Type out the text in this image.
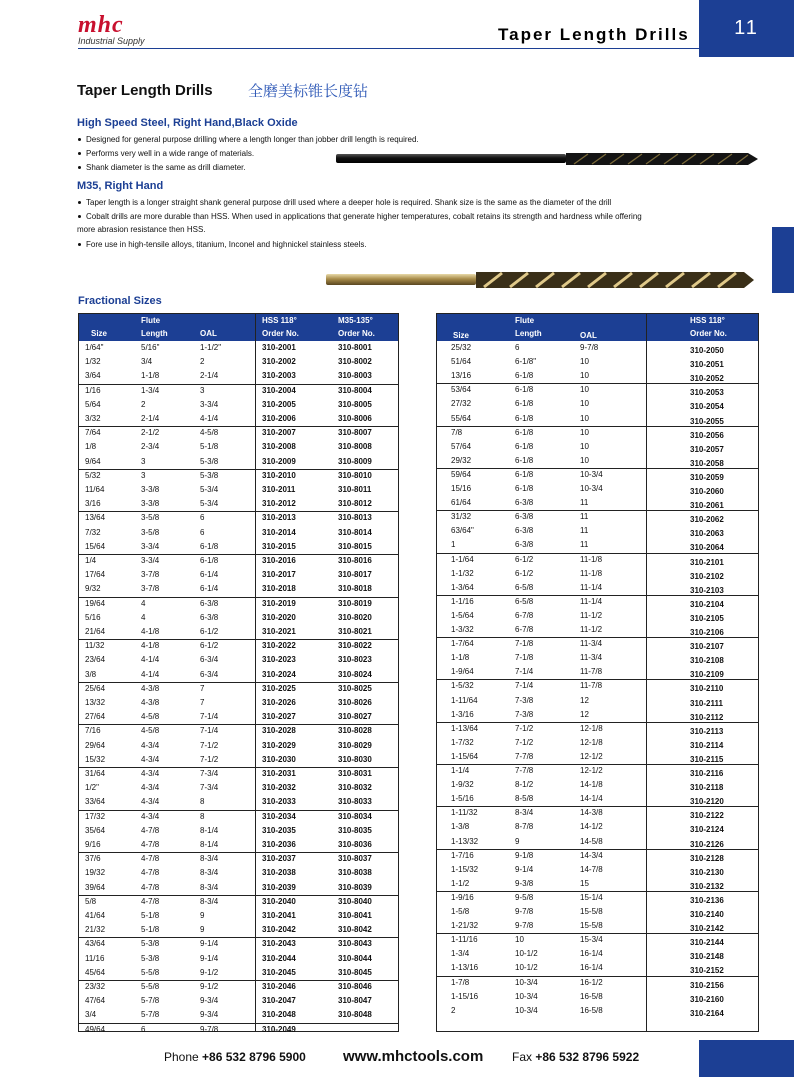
mhc
Industrial Supply	Taper Length Drills	11
Taper Length Drills 全磨美标锥长度钻
High Speed Steel, Right Hand,Black Oxide
Designed for general purpose drilling where a length longer than jobber drill length is required.
Performs very well in a wide range of materials.
Shank diameter is the same as drill diameter.
M35, Right Hand
Taper length is a longer straight shank general purpose drill used where a deeper hole is required. Shank size is the same as the diameter of the drill
Cobalt drills are more durable than HSS. When used in applications that generate higher temperatures, cobalt retains its strength and hardness while offering
more abrasion resistance then HSS.
Fore use in high-tensile alloys, titanium, Inconel and highnickel stainless steels.
Fractional Sizes
Flute	HSS 118°	M35-135°
Size	Length	OAL	Order No.	Order No.
1/64"	5/16"	1-1/2"	310-2001	310-8001
1/32	3/4	2	310-2002	310-8002
3/64	1-1/8	2-1/4	310-2003	310-8003
1/16	1-3/4	3	310-2004	310-8004
5/64	2	3-3/4	310-2005	310-8005
3/32	2-1/4	4-1/4	310-2006	310-8006
7/64	2-1/2	4-5/8	310-2007	310-8007
1/8	2-3/4	5-1/8	310-2008	310-8008
9/64	3	5-3/8	310-2009	310-8009
5/32	3	5-3/8	310-2010	310-8010
11/64	3-3/8	5-3/4	310-2011	310-8011
3/16	3-3/8	5-3/4	310-2012	310-8012
13/64	3-5/8	6	310-2013	310-8013
7/32	3-5/8	6	310-2014	310-8014
15/64	3-3/4	6-1/8	310-2015	310-8015
1/4	3-3/4	6-1/8	310-2016	310-8016
17/64	3-7/8	6-1/4	310-2017	310-8017
9/32	3-7/8	6-1/4	310-2018	310-8018
19/64	4	6-3/8	310-2019	310-8019
5/16	4	6-3/8	310-2020	310-8020
21/64	4-1/8	6-1/2	310-2021	310-8021
11/32	4-1/8	6-1/2	310-2022	310-8022
23/64	4-1/4	6-3/4	310-2023	310-8023
3/8	4-1/4	6-3/4	310-2024	310-8024
25/64	4-3/8	7	310-2025	310-8025
13/32	4-3/8	7	310-2026	310-8026
27/64	4-5/8	7-1/4	310-2027	310-8027
7/16	4-5/8	7-1/4	310-2028	310-8028
29/64	4-3/4	7-1/2	310-2029	310-8029
15/32	4-3/4	7-1/2	310-2030	310-8030
31/64	4-3/4	7-3/4	310-2031	310-8031
1/2"	4-3/4	7-3/4	310-2032	310-8032
33/64	4-3/4	8	310-2033	310-8033
17/32	4-3/4	8	310-2034	310-8034
35/64	4-7/8	8-1/4	310-2035	310-8035
9/16	4-7/8	8-1/4	310-2036	310-8036
37/6	4-7/8	8-3/4	310-2037	310-8037
19/32	4-7/8	8-3/4	310-2038	310-8038
39/64	4-7/8	8-3/4	310-2039	310-8039
5/8	4-7/8	8-3/4	310-2040	310-8040
41/64	5-1/8	9	310-2041	310-8041
21/32	5-1/8	9	310-2042	310-8042
43/64	5-3/8	9-1/4	310-2043	310-8043
11/16	5-3/8	9-1/4	310-2044	310-8044
45/64	5-5/8	9-1/2	310-2045	310-8045
23/32	5-5/8	9-1/2	310-2046	310-8046
47/64	5-7/8	9-3/4	310-2047	310-8047
3/4	5-7/8	9-3/4	310-2048	310-8048
49/64	6	9-7/8	310-2049
Flute	HSS 118°
Size	Length	OAL	Order No.
25/32	6	9-7/8	310-2050
51/64	6-1/8"	10	310-2051
13/16	6-1/8	10	310-2052
53/64	6-1/8	10	310-2053
27/32	6-1/8	10	310-2054
55/64	6-1/8	10	310-2055
7/8	6-1/8	10	310-2056
57/64	6-1/8	10	310-2057
29/32	6-1/8	10	310-2058
59/64	6-1/8	10-3/4	310-2059
15/16	6-1/8	10-3/4	310-2060
61/64	6-3/8	11	310-2061
31/32	6-3/8	11	310-2062
63/64"	6-3/8	11	310-2063
1	6-3/8	11	310-2064
1-1/64	6-1/2	11-1/8	310-2101
1-1/32	6-1/2	11-1/8	310-2102
1-3/64	6-5/8	11-1/4	310-2103
1-1/16	6-5/8	11-1/4	310-2104
1-5/64	6-7/8	11-1/2	310-2105
1-3/32	6-7/8	11-1/2	310-2106
1-7/64	7-1/8	11-3/4	310-2107
1-1/8	7-1/8	11-3/4	310-2108
1-9/64	7-1/4	11-7/8	310-2109
1-5/32	7-1/4	11-7/8	310-2110
1-11/64	7-3/8	12	310-2111
1-3/16	7-3/8	12	310-2112
1-13/64	7-1/2	12-1/8	310-2113
1-7/32	7-1/2	12-1/8	310-2114
1-15/64	7-7/8	12-1/2	310-2115
1-1/4	7-7/8	12-1/2	310-2116
1-9/32	8-1/2	14-1/8	310-2118
1-5/16	8-5/8	14-1/4	310-2120
1-11/32	8-3/4	14-3/8	310-2122
1-3/8	8-7/8	14-1/2	310-2124
1-13/32	9	14-5/8	310-2126
1-7/16	9-1/8	14-3/4	310-2128
1-15/32	9-1/4	14-7/8	310-2130
1-1/2	9-3/8	15	310-2132
1-9/16	9-5/8	15-1/4	310-2136
1-5/8	9-7/8	15-5/8	310-2140
1-21/32	9-7/8	15-5/8	310-2142
1-11/16	10	15-3/4	310-2144
1-3/4	10-1/2	16-1/4	310-2148
1-13/16	10-1/2	16-1/4	310-2152
1-7/8	10-3/4	16-1/2	310-2156
1-15/16	10-3/4	16-5/8	310-2160
2	10-3/4	16-5/8	310-2164
Phone +86 532 8796 5900 www.mhctools.com Fax +86 532 8796 5922
